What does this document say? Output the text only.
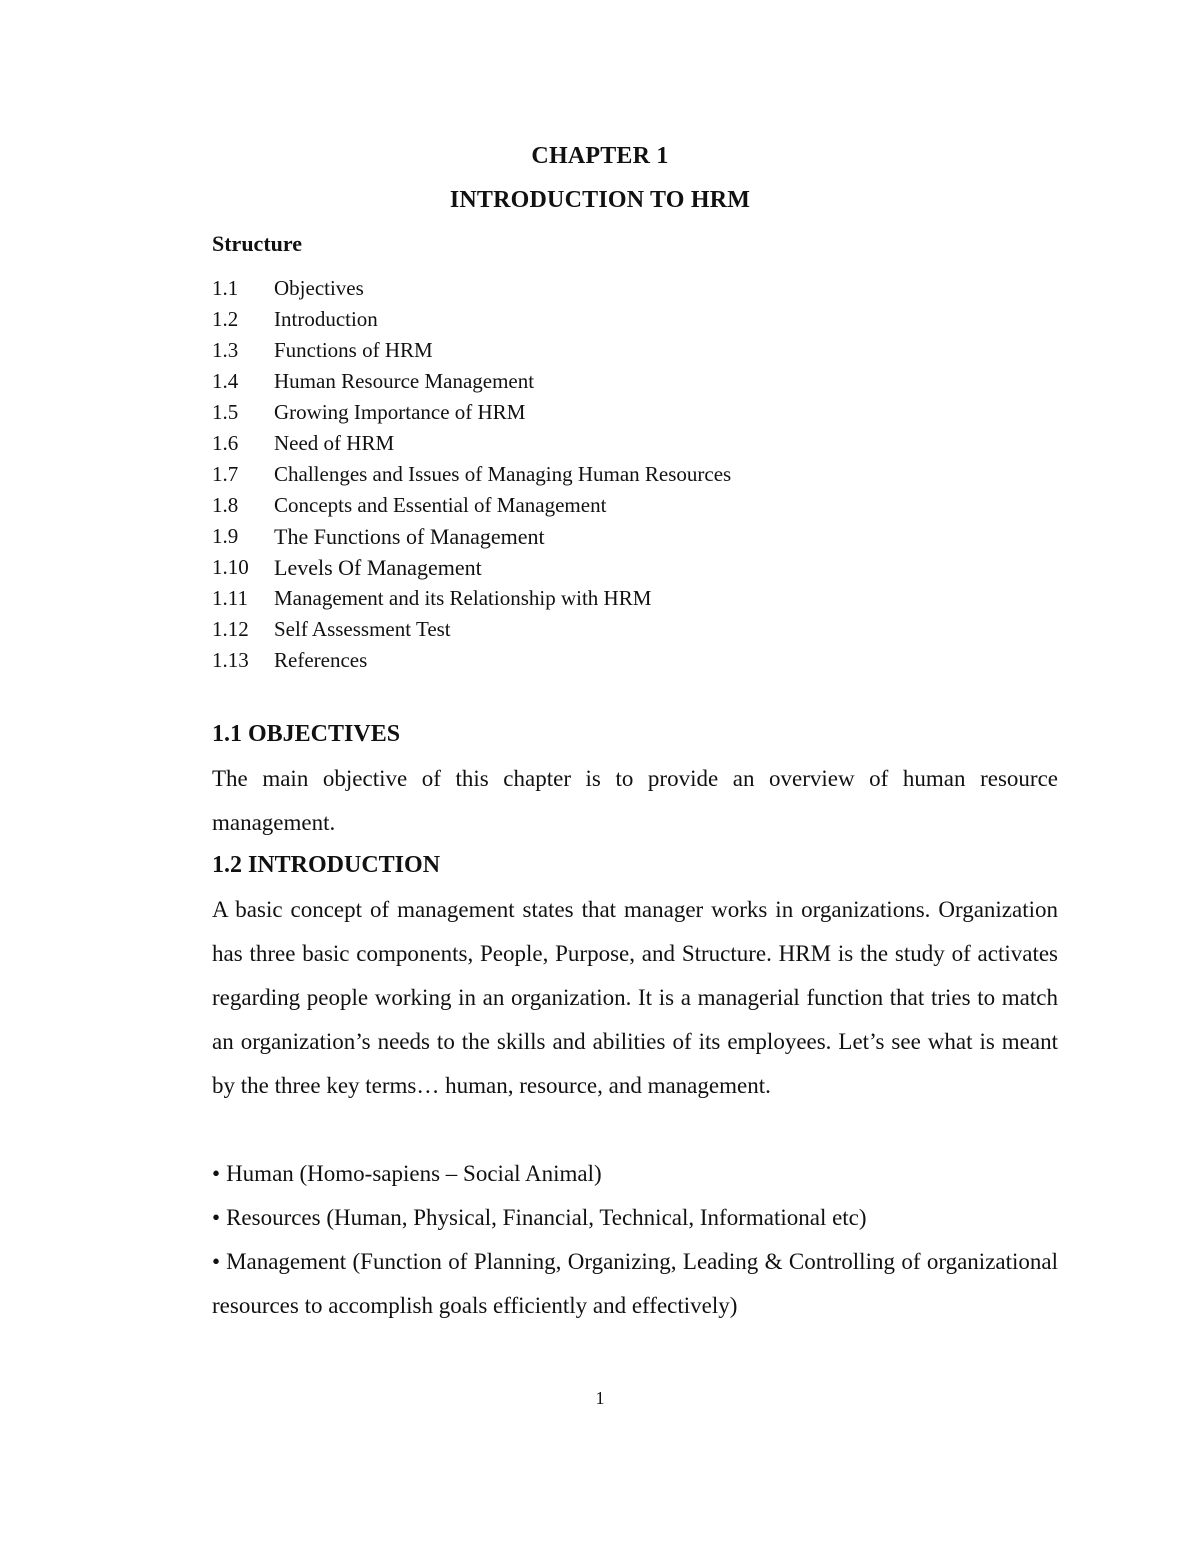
CHAPTER 1
INTRODUCTION TO HRM
Structure
1.1 Objectives
1.2 Introduction
1.3 Functions of HRM
1.4 Human Resource Management
1.5 Growing Importance of HRM
1.6 Need of HRM
1.7 Challenges and Issues of Managing Human Resources
1.8 Concepts and Essential of Management
1.9 The Functions of Management
1.10 Levels Of Management
1.11 Management and its Relationship with HRM
1.12 Self Assessment Test
1.13 References
1.1 OBJECTIVES
The main objective of this chapter is to provide an overview of human resource management.
1.2 INTRODUCTION
A basic concept of management states that manager works in organizations. Organization has three basic components, People, Purpose, and Structure. HRM is the study of activates regarding people working in an organization. It is a managerial function that tries to match an organization’s needs to the skills and abilities of its employees. Let’s see what is meant by the three key terms… human, resource, and management.
• Human (Homo-sapiens – Social Animal)
• Resources (Human, Physical, Financial, Technical, Informational etc)
• Management (Function of Planning, Organizing, Leading & Controlling of organizational resources to accomplish goals efficiently and effectively)
1
